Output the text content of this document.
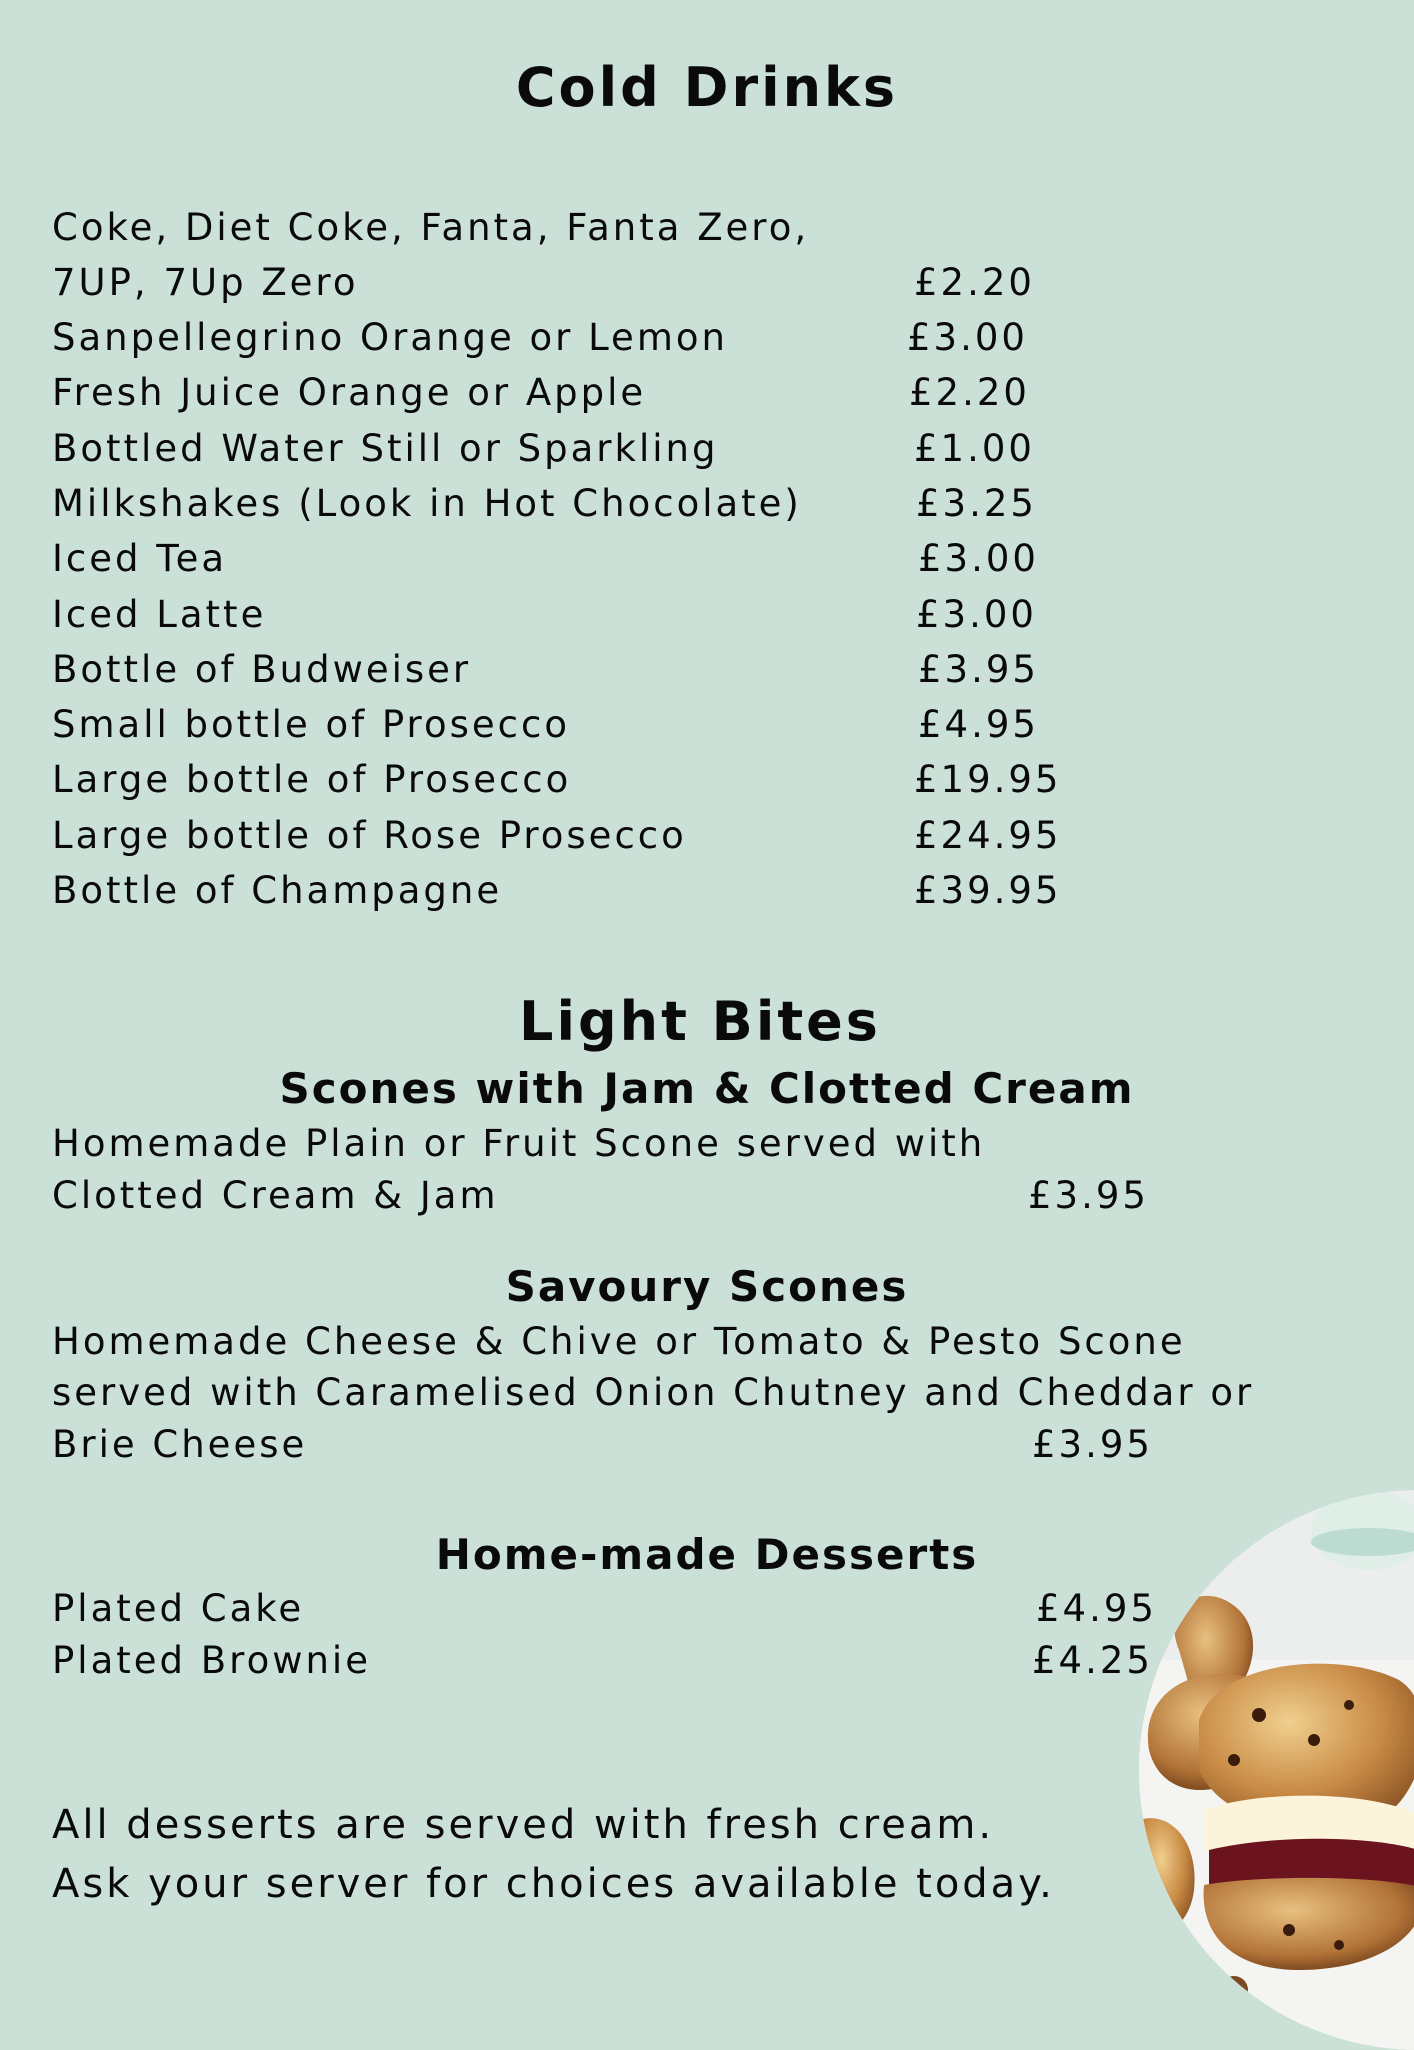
Cold Drinks
Coke, Diet Coke, Fanta, Fanta Zero,
7UP, 7Up Zero	£2.20
Sanpellegrino Orange or Lemon	£3.00
Fresh Juice Orange or Apple	£2.20
Bottled Water Still or Sparkling	£1.00
Milkshakes (Look in Hot Chocolate)	£3.25
Iced Tea	£3.00
Iced Latte	£3.00
Bottle of Budweiser	£3.95
Small bottle of Prosecco	£4.95
Large bottle of Prosecco	£19.95
Large bottle of Rose Prosecco	£24.95
Bottle of Champagne	£39.95
Light Bites
Scones with Jam & Clotted Cream
Homemade Plain or Fruit Scone served with
Clotted Cream & Jam	£3.95
Savoury Scones
Homemade Cheese & Chive or Tomato & Pesto Scone
served with Caramelised Onion Chutney and Cheddar or
Brie Cheese	£3.95
Home-made Desserts
Plated Cake	£4.95
Plated Brownie	£4.25
All desserts are served with fresh cream.
Ask your server for choices available today.
